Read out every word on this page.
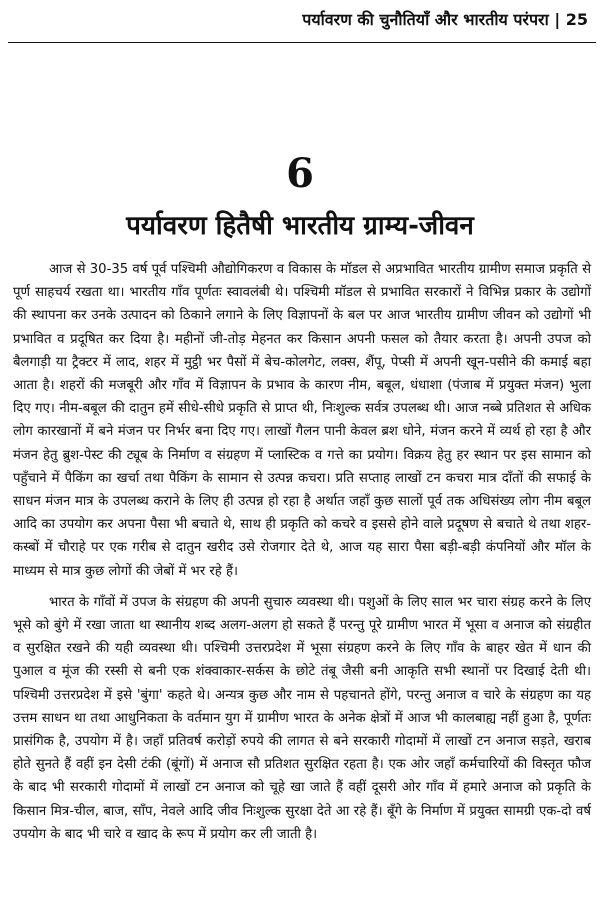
पर्यावरण की चुनौतियाँ और भारतीय परंपरा | 25
6
पर्यावरण हितैषी भारतीय ग्राम्य-जीवन

आज से 30-35 वर्ष पूर्व पश्चिमी औद्योगिकरण व विकास के मॉडल से अप्रभावित भारतीय ग्रामीण समाज प्रकृति से पूर्ण साहचर्य रखता था। भारतीय गाँव पूर्णतः स्वावलंबी थे। पश्चिमी मॉडल से प्रभावित सरकारों ने विभिन्न प्रकार के उद्योगों की स्थापना कर उनके उत्पादन को ठिकाने लगाने के लिए विज्ञापनों के बल पर आज भारतीय ग्रामीण जीवन को उद्योगों भी प्रभावित व प्रदूषित कर दिया है। महीनों जी-तोड़ मेहनत कर किसान अपनी फसल को तैयार करता है। अपनी उपज को बैलगाड़ी या ट्रैक्टर में लाद, शहर में मुट्ठी भर पैसों में बेच-कोलगेट, लक्स, शैंपू, पेप्सी में अपनी खून-पसीने की कमाई बहा आता है। शहरों की मजबूरी और गाँव में विज्ञापन के प्रभाव के कारण नीम, बबूल, धंधाशा (पंजाब में प्रयुक्त मंजन) भुला दिए गए। नीम-बबूल की दातुन हमें सीधे-सीधे प्रकृति से प्राप्त थी, निःशुल्क सर्वत्र उपलब्ध थी। आज नब्बे प्रतिशत से अधिक लोग कारखानों में बने मंजन पर निर्भर बना दिए गए। लाखों गैलन पानी केवल ब्रश धोने, मंजन करने में व्यर्थ हो रहा है और मंजन हेतु ब्रुश-पेस्ट की ट्यूब के निर्माण व संग्रहण में प्लास्टिक व गत्ते का प्रयोग। विक्रय हेतु हर स्थान पर इस सामान को पहुँचाने में पैकिंग का खर्चा तथा पैकिंग के सामान से उत्पन्न कचरा। प्रति सप्ताह लाखों टन कचरा मात्र दाँतों की सफाई के साधन मंजन मात्र के उपलब्ध कराने के लिए ही उत्पन्न हो रहा है अर्थात जहाँ कुछ सालों पूर्व तक अधिसंख्य लोग नीम बबूल आदि का उपयोग कर अपना पैसा भी बचाते थे, साथ ही प्रकृति को कचरे व इससे होने वाले प्रदूषण से बचाते थे तथा शहर-कस्बों में चौराहे पर एक गरीब से दातुन खरीद उसे रोजगार देते थे, आज यह सारा पैसा बड़ी-बड़ी कंपनियों और मॉल के माध्यम से मात्र कुछ लोगों की जेबों में भर रहे हैं।

भारत के गाँवों में उपज के संग्रहण की अपनी सुचारु व्यवस्था थी। पशुओं के लिए साल भर चारा संग्रह करने के लिए भूसे को बुंगे में रखा जाता था स्थानीय शब्द अलग-अलग हो सकते हैं परन्तु पूरे ग्रामीण भारत में भूसा व अनाज को संग्रहीत व सुरक्षित रखने की यही व्यवस्था थी। पश्चिमी उत्तरप्रदेश में भूसा संग्रहण करने के लिए गाँव के बाहर खेत में धान की पुआल व मूंज की रस्सी से बनी एक शंक्वाकार-सर्कस के छोटे तंबू जैसी बनी आकृति सभी स्थानों पर दिखाई देती थी। पश्चिमी उत्तरप्रदेश में इसे 'बुंगा' कहते थे। अन्यत्र कुछ और नाम से पहचानते होंगे, परन्तु अनाज व चारे के संग्रहण का यह उत्तम साधन था तथा आधुनिकता के वर्तमान युग में ग्रामीण भारत के अनेक क्षेत्रों में आज भी कालबाह्य नहीं हुआ है, पूर्णतः प्रासंगिक है, उपयोग में है। जहाँ प्रतिवर्ष करोड़ों रुपये की लागत से बने सरकारी गोदामों में लाखों टन अनाज सड़ते, खराब होते सुनते हैं वहीं इन देसी टंकी (बूंगों) में अनाज सौ प्रतिशत सुरक्षित रहता है। एक ओर जहाँ कर्मचारियों की विस्तृत फौज के बाद भी सरकारी गोदामों में लाखों टन अनाज को चूहे खा जाते हैं वहीं दूसरी ओर गाँव में हमारे अनाज को प्रकृति के किसान मित्र-चील, बाज, साँप, नेवले आदि जीव निःशुल्क सुरक्षा देते आ रहे हैं। बूँगे के निर्माण में प्रयुक्त सामग्री एक-दो वर्ष उपयोग के बाद भी चारे व खाद के रूप में प्रयोग कर ली जाती है।
